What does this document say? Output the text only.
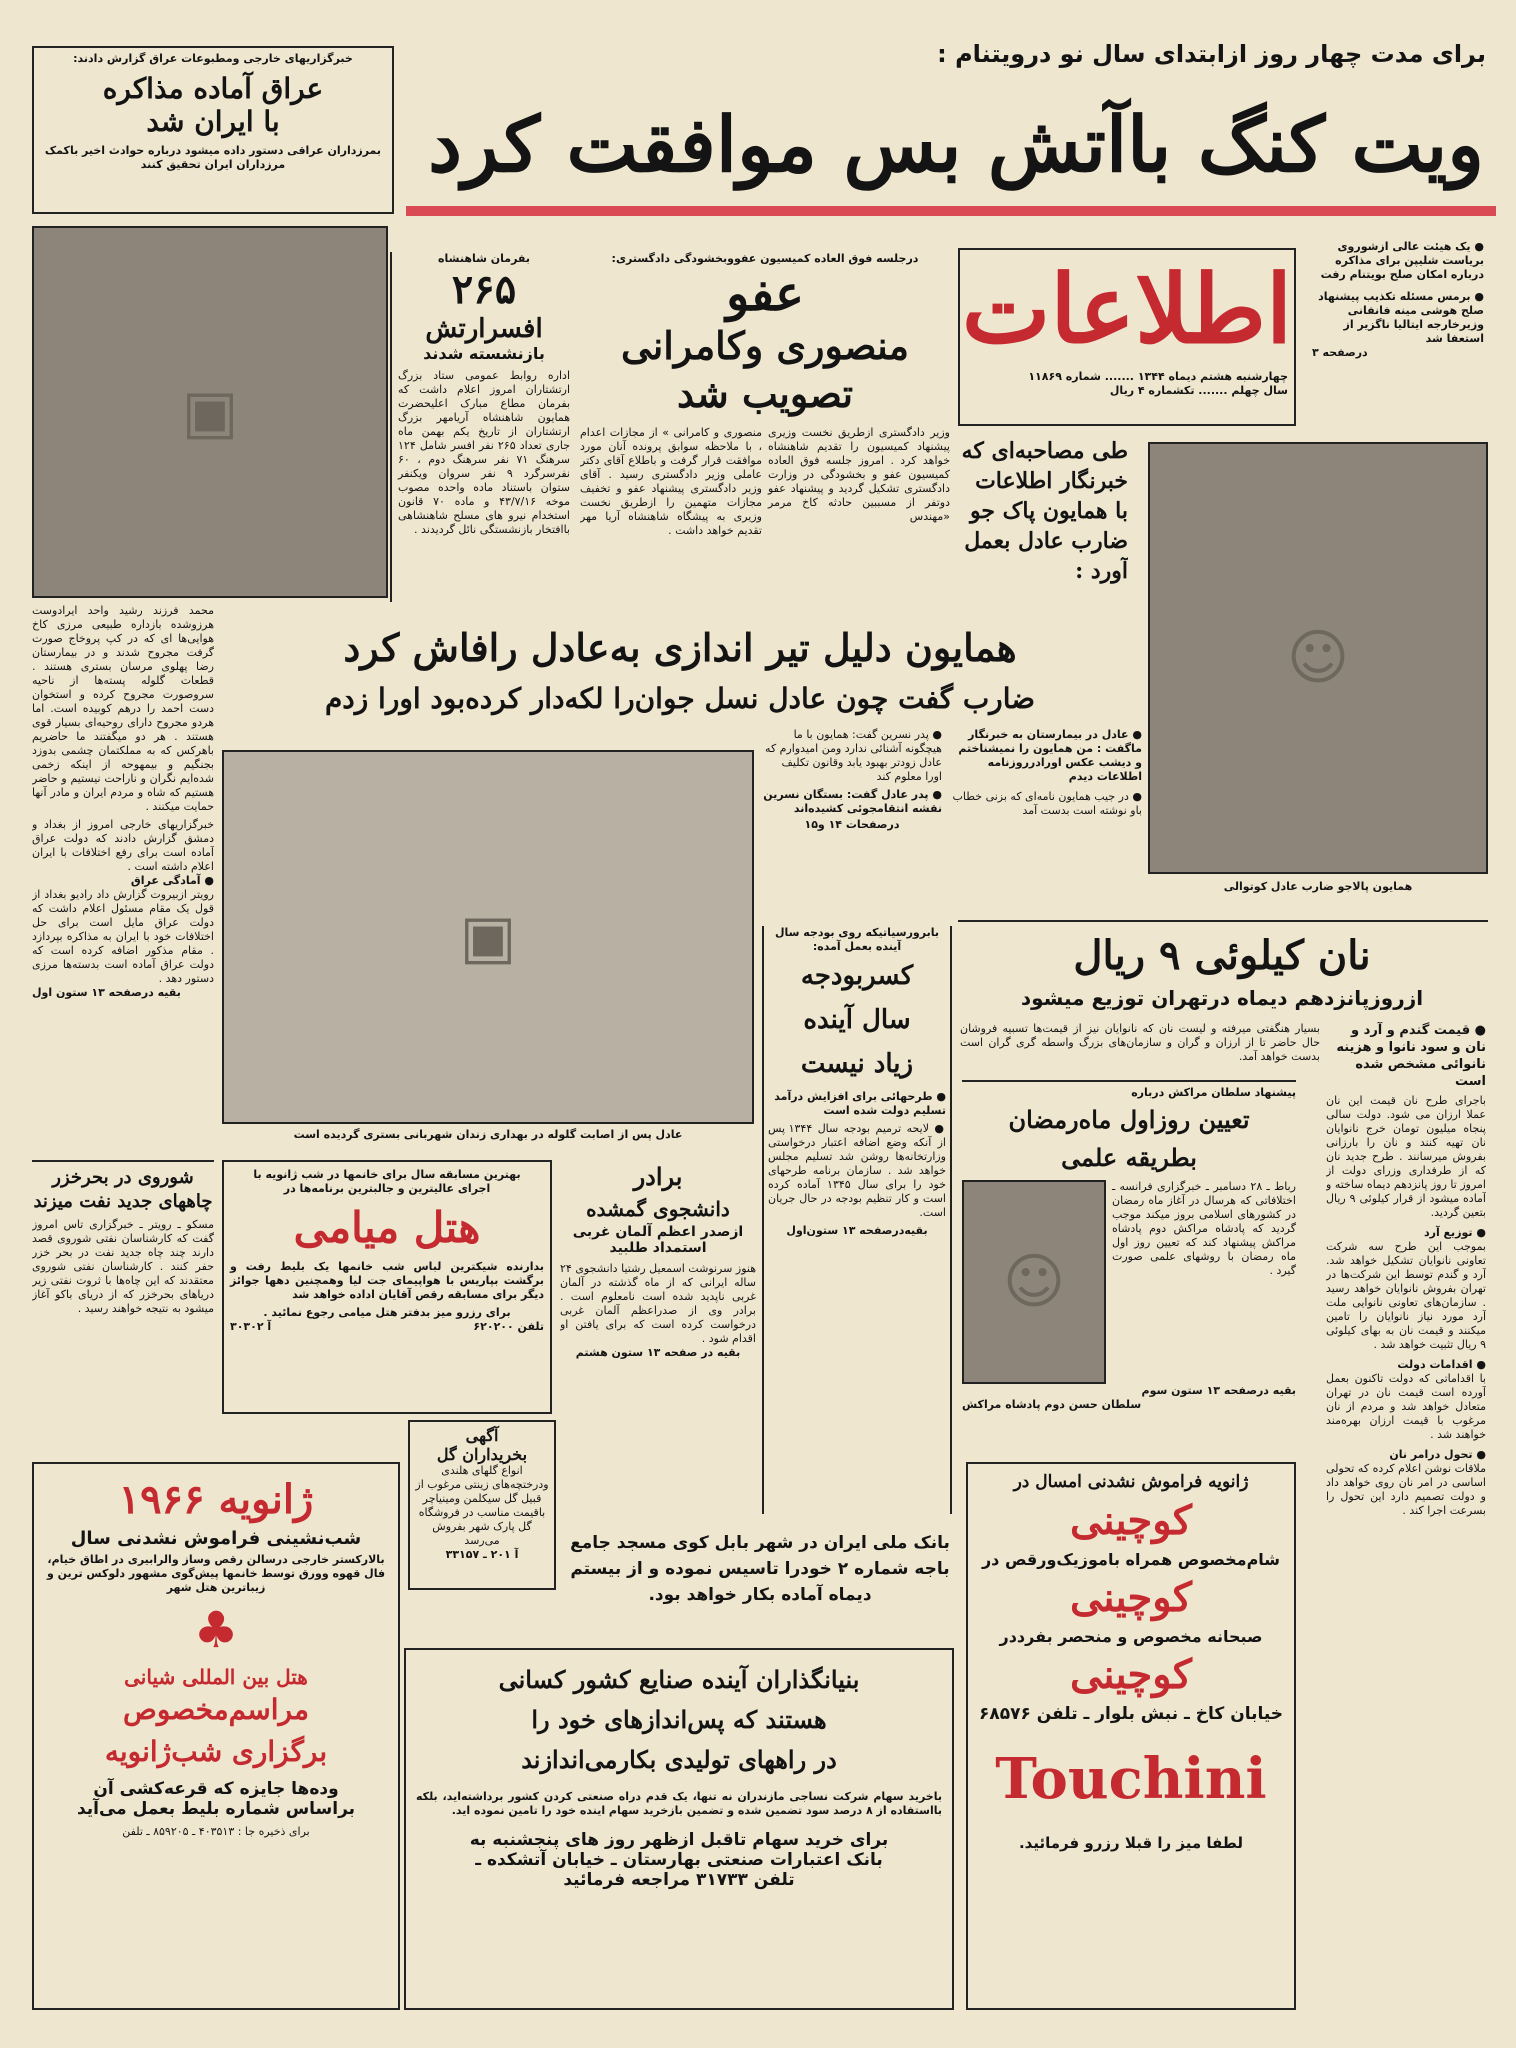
برای مدت چهار روز ازابتدای سال نو درویتنام :
ویت کنگ باآتش بس موافقت کرد
خبرگزاریهای خارجی ومطبوعات عراق گزارش دادند:
عراق آماده مذاکره
با ایران شد
بمرزداران عراقی دستور داده میشود درباره حوادث اخیر باکمک مرزداران ایران تحقیق کنند
اطلاعات
چهارشنبه هشتم دیماه ۱۳۴۴ ....... شماره ۱۱۸۶۹
سال چهلم ....... تکشماره ۴ ریال
● یک هیئت عالی ازشوروی بریاست شلیپن برای مذاکره درباره امکان صلح بویتنام رفت
● برمس مسئله تکذیب پیشنهاد صلح هوشی مینه فانفانی وزیرخارجه ایتالیا ناگزیر از استعفا شد
درصفحه ۳
بفرمان شاهنشاه
۲۶۵
افسرارتش
بازنشسته شدند
اداره روابط عمومی ستاد بزرگ ارتشتاران امروز اعلام داشت که بفرمان مطاع مبارک اعلیحضرت همایون شاهنشاه آریامهر بزرگ ارتشتاران از تاریخ یکم بهمن ماه جاری تعداد ۲۶۵ نفر افسر شامل ۱۲۴ سرهنگ ۷۱ نفر سرهنگ دوم ، ۶۰ نفرسرگرد ۹ نفر سروان ویکنفر ستوان باستناد ماده واحده مصوب موخه ۴۳/۷/۱۶ و ماده ۷۰ قانون استخدام نیرو های مسلح شاهنشاهی باافتخار بازنشستگی نائل گردیدند .
درجلسه فوق العاده کمیسیون عفووبخشودگی دادگستری:
عفو
منصوری وکامرانی
تصویب شد
وزیر دادگستری ازطریق نخست وزیری پیشنهاد کمیسیون را تقدیم شاهنشاه خواهد کرد . امروز جلسه فوق العاده کمیسیون عفو و بخشودگی در وزارت دادگستری تشکیل گردید و پیشنهاد عفو دوتفر از مسببین حادثه کاخ مرمر «مهندس
منصوری و کامرانی » از مجازات اعدام ، با ملاحظه سوابق پرونده آنان مورد موافقت قرار گرفت و باطلاع آقای دکتر عاملی وزیر دادگستری رسید . آقای وزیر دادگستری پیشنهاد عفو و تخفیف مجازات متهمین را ازطریق نخست وزیری به پیشگاه شاهنشاه آریا مهر تقدیم خواهد داشت .
▣
طی مصاحبه‌ای که خبرنگار اطلاعات با همایون پاک جو ضارب عادل بعمل آورد :
☺
همایون پالاجو ضارب عادل کوتوالی
همایون دلیل تیر اندازی به‌عادل رافاش کرد
ضارب گفت چون عادل نسل جوان‌را لکه‌دار کرده‌بود اورا زدم
● عادل در بیمارستان به خبرنگار ماگفت : من همایون را نمیشناختم و دیشب عکس اورادرروزنامه اطلاعات دیدم
● در جیب همایون نامه‌ای که بزنی خطاب باو نوشته است بدست آمد
● پدر نسرین گفت: همایون با ما هیچگونه آشنائی ندارد ومن امیدوارم که عادل زودتر بهبود یابد وقانون تکلیف اورا معلوم کند
● پدر عادل گفت: بستگان نسرین نقشه انتقامجوئی کشیده‌اند
درصفحات ۱۴ و۱۵
▣
عادل پس از اصابت گلوله در بهداری زندان شهربانی بستری گردیده است
محمد فرزند رشید واحد ایرادوست هرزوشده بازداره طبیعی مرزی کاخ هوایی‌ها ای که در کپ پروخاج صورت گرفت مجروح شدند و در بیمارستان رضا پهلوی مرسان بستری هستند . قطعات گلوله پسته‌ها از ناحیه سروصورت مجروح کرده و استخوان دست احمد را درهم کوبیده است. اما هردو مجروح دارای روحیه‌ای بسیار قوی هستند . هر دو میگفتند ما حاضریم باهرکس که به مملکتمان چشمی بدوزد بجنگیم و بیمهوحه از اینکه زخمی شده‌ایم نگران و ناراحت نیستیم و حاضر هستیم که شاه و مردم ایران و مادر آنها حمایت میکنند .
خبرگزاریهای خارجی امروز از بغداد و دمشق گزارش دادند که دولت عراق آماده است برای رفع اختلافات با ایران اعلام داشته است .
● آمادگی عراق
رویتر ازبیروت گزارش داد رادیو بغداد از قول یک مقام مسئول اعلام داشت که دولت عراق مایل است برای حل اختلافات خود با ایران به مذاکره بپردازد . مقام مذکور اضافه کرده است که دولت عراق آماده است بدسته‌ها مرزی دستور دهد .
بقیه درصفحه ۱۳ ستون اول
شوروی در بحرخزر چاههای جدید نفت میزند
مسکو ـ رویتر ـ خبرگزاری تاس امروز گفت که کارشناسان نفتی شوروی قصد دارند چند چاه جدید نفت در بحر خزر حفر کنند . کارشناسان نفتی شوروی معتقدند که این چاه‌ها با ثروت نفتی زیر دریاهای بحرخزر که از دریای باکو آغاز میشود به نتیجه خواهند رسید .
نان کیلوئی ۹ ریال
ازروزپانزدهم دیماه درتهران توزیع میشود
● قیمت گندم و آرد و نان و سود نانوا و هزینه نانوائی مشخص شده است
بسیار هنگفتی میرفته و لیست نان که نانوایان نیز از قیمت‌ها تسبیه فروشان حال حاضر تا از ارزان و گران و سازمان‌های بزرگ واسطه گری گران است بدست خواهد آمد.
باجرای طرح نان قیمت این نان عملا ارزان می شود. دولت سالی پنجاه میلیون تومان خرج نانوایان نان تهیه کنند و نان را بارزانی بفروش میرسانند . طرح جدید نان که از طرفداری وزرای دولت از امروز تا روز پانزدهم دیماه ساخته و آماده میشود از قرار کیلوئی ۹ ریال بتعین گردید.
● توزیع آرد
بموجب این طرح سه شرکت تعاونی نانوایان تشکیل خواهد شد. آرد و گندم توسط این شرکت‌ها در تهران بفروش نانوایان خواهد رسید . سازمان‌های تعاونی نانوایی ملت آرد مورد نیاز نانوایان را تامین میکنند و قیمت نان به بهای کیلوئی ۹ ریال تثبیت خواهد شد .
● اقدامات دولت
با اقداماتی که دولت تاکنون بعمل آورده است قیمت نان در تهران متعادل خواهد شد و مردم از نان مرغوب با قیمت ارزان بهره‌مند خواهند شد .
● تحول درامر نان
ملاقات نوشن اعلام کرده که تحولی اساسی در امر نان روی خواهد داد و دولت تصمیم دارد این تحول را بسرعت اجرا کند .
پیشنهاد سلطان مراکش درباره
تعیین روزاول ماه‌رمضان
بطریقه علمی
رباط ـ ۲۸ دسامبر ـ خبرگزاری فرانسه ـ اختلافاتی که هرسال در آغاز ماه رمضان در کشورهای اسلامی بروز میکند موجب گردید که پادشاه مراکش دوم پادشاه مراکش پیشنهاد کند که تعیین روز اول ماه رمضان با روشهای علمی صورت گیرد .
☺
بقیه درصفحه ۱۳ ستون سوم
سلطان حسن دوم پادشاه مراکش
بابرورسیاتیکه روی بودجه سال آینده بعمل آمده:
کسربودجه
سال آینده
زیاد نیست
● طرحهائی برای افزایش درآمد تسلیم دولت شده است
● لایحه ترمیم بودجه سال ۱۳۴۴ پس از آنکه وضع اضافه اعتبار درخواستی وزارتخانه‌ها روشن شد تسلیم مجلس خواهد شد . سازمان برنامه طرحهای خود را برای سال ۱۳۴۵ آماده کرده است و کار تنظیم بودجه در حال جریان است.
بقیه‌درصفحه ۱۳ ستون‌اول
برادر
دانشجوی گمشده
ازصدر اعظم آلمان غربی
استمداد طلبید
هنوز سرنوشت اسمعیل رشتیا دانشجوی ۲۴ ساله ایرانی که از ماه گذشته در آلمان غربی ناپدید شده است نامعلوم است . برادر وی از صدراعظم آلمان غربی درخواست کرده است که برای یافتن او اقدام شود .
بقیه در صفحه ۱۳ ستون هشتم
بهترین مسابقه سال برای خانمها در شب ژانویه با
اجرای عالیترین و جالبترین برنامه‌ها در
هتل میامی
بدارنده شیکترین لباس شب خانمها یک بلیط رفت و برگشت بپاریس با هواپیمای جت لیا وهمچنین دهها جوائز دیگر برای مسابقه رقص آقایان اداده خواهد شد
برای رزرو میز بدفتر هتل میامی رجوع نمائید .
تلفن ۶۲۰۲۰۰
آ ۳۰۳۰۲
آگهی
بخریداران گل
انواع گلهای هلندی ودرختچه‌های زینتی مرغوب از قبیل گل سیکلمن ومینیاچر باقیمت مناسب در فروشگاه گل پارک شهر بفروش می‌رسد
آ ۲۰۱ ـ ۳۳۱۵۷
بانک ملی ایران در شهر بابل کوی مسجد جامع باجه شماره ۲ خودرا تاسیس نموده و از بیستم دیماه آماده بکار خواهد بود.
ژانویه ۱۹۶۶
شب‌نشینی فراموش نشدنی سال
بالارکستر خارجی درسالن رقص وساز والرابیری در اطاق خیام، فال قهوه وورق توسط خانمها پیش‌گوی مشهور دلوکس ترین و زیباترین هتل شهر
♣
هتل بین المللی شیانی
مراسم‌مخصوص
برگزاری شب‌ژانویه
وده‌ها جایزه که قرعه‌کشی آن
براساس شماره بلیط بعمل می‌آید
برای ذخیره جا : ۴۰۳۵۱۳ ـ ۸۵۹۲۰۵ ـ تلفن
بنیانگذاران آینده صنایع کشور کسانی
هستند که پس‌اندازهای خود را
در راههای تولیدی بکارمی‌اندازند
باخرید سهام شرکت نساجی مازندران نه تنها، یک قدم دراه صنعتی کردن کشور برداشته‌اید، بلکه بااستفاده از ۸ درصد سود تضمین شده و تضمین بازخرید سهام اینده خود را تامین نموده اید.
برای خرید سهام تاقبل ازظهر روز های پنجشنبه به
بانک اعتبارات صنعتی بهارستان ـ خیابان آتشکده ـ
تلفن ۳۱۷۳۳ مراجعه فرمائید
ژانویه فراموش نشدنی امسال در
کوچینی
شام‌مخصوص همراه باموزیک‌ورقص در
کوچینی
صبحانه مخصوص و منحصر بفرددر
کوچینی
خیابان کاخ ـ نبش بلوار ـ تلفن ۶۸۵۷۶
Touchini
لطفا میز را قبلا رزرو فرمائید.
